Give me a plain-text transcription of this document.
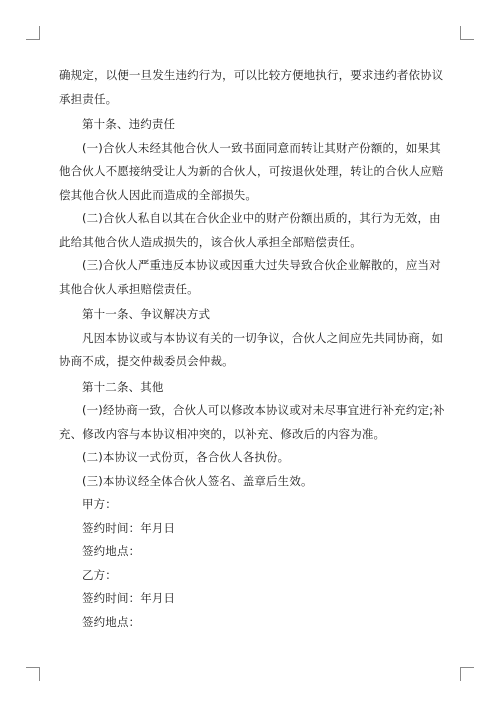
确规定，以便一旦发生违约行为，可以比较方便地执行，要求违约者依协议承担责任。

第十条、违约责任

(一)合伙人未经其他合伙人一致书面同意而转让其财产份额的，如果其他合伙人不愿接纳受让人为新的合伙人，可按退伙处理，转让的合伙人应赔偿其他合伙人因此而造成的全部损失。

(二)合伙人私自以其在合伙企业中的财产份额出质的，其行为无效，由此给其他合伙人造成损失的，该合伙人承担全部赔偿责任。

(三)合伙人严重违反本协议或因重大过失导致合伙企业解散的，应当对其他合伙人承担赔偿责任。

第十一条、争议解决方式

凡因本协议或与本协议有关的一切争议，合伙人之间应先共同协商，如协商不成，提交仲裁委员会仲裁。

第十二条、其他

(一)经协商一致，合伙人可以修改本协议或对未尽事宜进行补充约定;补充、修改内容与本协议相冲突的，以补充、修改后的内容为准。

(二)本协议一式份页，各合伙人各执份。

(三)本协议经全体合伙人签名、盖章后生效。

甲方：

签约时间：年月日

签约地点：

乙方：

签约时间：年月日

签约地点：
